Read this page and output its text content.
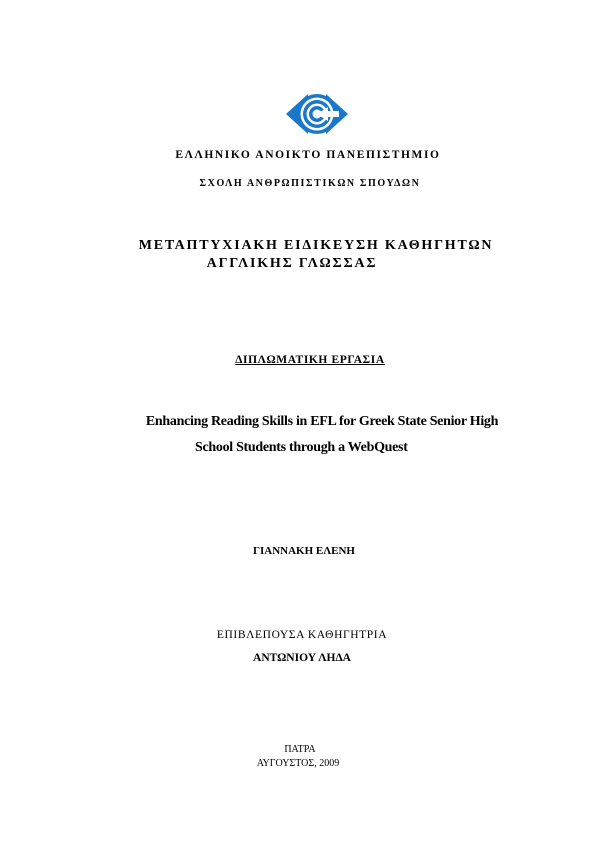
ΕΛΛΗΝΙΚΟ ΑΝΟΙΚΤΟ ΠΑΝΕΠΙΣΤΗΜΙΟ
ΣΧΟΛΗ ΑΝΘΡΩΠΙΣΤΙΚΩΝ ΣΠΟΥΔΩΝ
ΜΕΤΑΠΤΥΧΙΑΚΗ ΕΙΔΙΚΕΥΣΗ ΚΑΘΗΓΗΤΩΝ
ΑΓΓΛΙΚΗΣ ΓΛΩΣΣΑΣ
ΔΙΠΛΩΜΑΤΙΚΗ ΕΡΓΑΣΙΑ
Enhancing Reading Skills in EFL for Greek State Senior High
School Students through a WebQuest
ΓΙΑΝΝΑΚΗ ΕΛΕΝΗ
ΕΠΙΒΛΕΠΟΥΣΑ ΚΑΘΗΓΗΤΡΙΑ
ΑΝΤΩΝΙΟΥ ΛΗΔΑ
ΠΑΤΡΑ
ΑΥΓΟΥΣΤΟΣ, 2009
